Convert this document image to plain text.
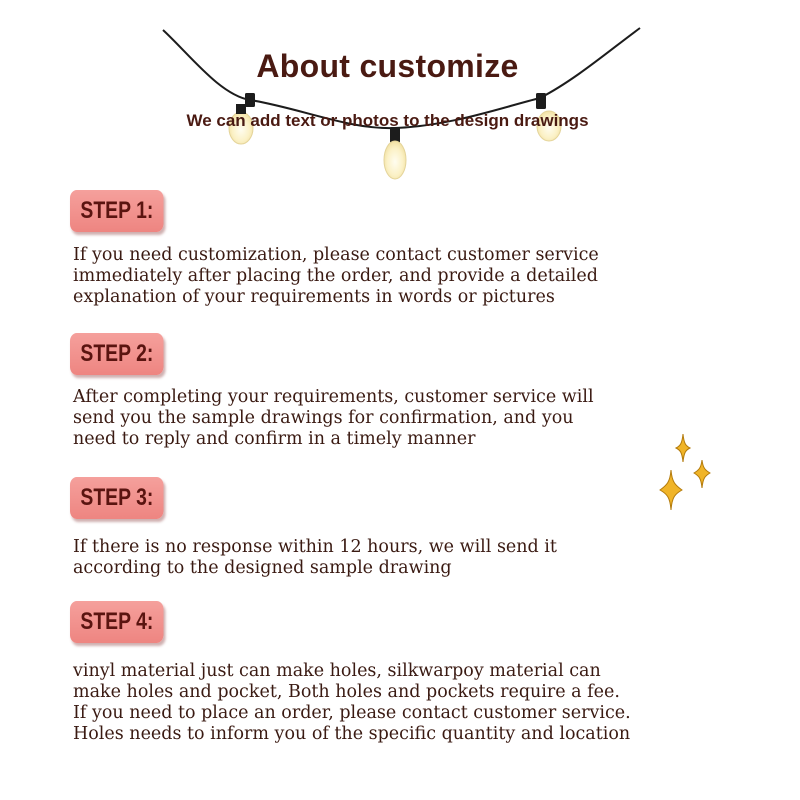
About customize
We can add text or photos to the design drawings
STEP 1:
If you need customization, please contact customer service
immediately after placing the order, and provide a detailed
explanation of your requirements in words or pictures
STEP 2:
After completing your requirements, customer service will
send you the sample drawings for confirmation, and you
need to reply and confirm in a timely manner
STEP 3:
If there is no response within 12 hours, we will send it
according to the designed sample drawing
STEP 4:
vinyl material just can make holes, silkwarpoy material can
make holes and pocket, Both holes and pockets require a fee.
If you need to place an order, please contact customer service.
Holes needs to inform you of the specific quantity and location
